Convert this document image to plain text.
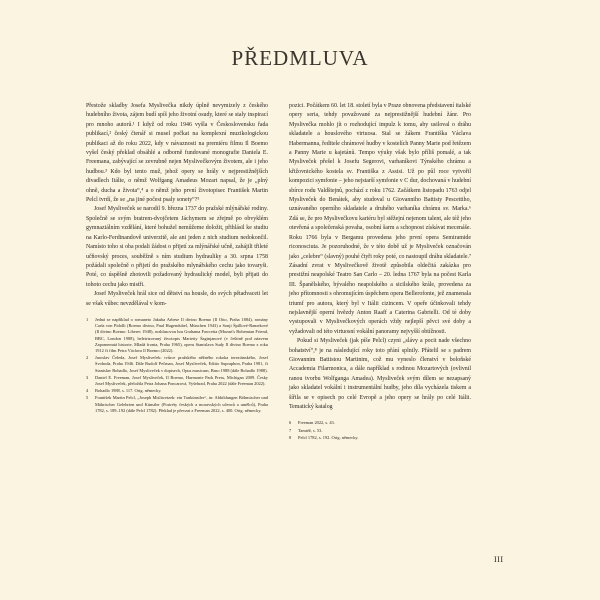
PŘEDMLUVA

Přestože skladby Josefa Myslivečka nikdy úplně nevymizely z českého hudebního života, zájem budí spíš jeho životní osudy, které se staly inspirací pro mnoho autorů.¹ I když od roku 1946 vyšla v Československu řada publikací,² český čtenář si musel počkat na komplexní muzikologickou publikaci až do roku 2022, kdy v návaznosti na premiéru filmu Il Boemo vyšel český překlad obsáhlé a odborně fundované monografie Daniela E. Freemana, zabývající se zevrubně nejen Myslivečkovým životem, ale i jeho hudbou.³ Kdo byl tento muž, jehož opery se hrály v nejprestižnějších divadlech Itálie, o němž Wolfgang Amadeus Mozart napsal, že je „plný ohně, ducha a života“,⁴ a o němž jeho první životopisec František Martin Pelcl tvrdí, že se „na jiné počest psaly sonety“?⁵

Josef Mysliveček se narodil 9. března 1737 do pražské mlýnářské rodiny. Společně se svým bratrem-dvojčetem Jáchymem se zřejmě po obvyklém gymnaziálním vzdělání, které bohužel nemůžeme doložit, přihlásil ke studiu na Karlo-Ferdinandově univerzitě, ale ani jeden z nich studium nedokončil. Namísto toho si oba podali žádost o přijetí za mlýnářské učně, zahájili třileté učňovský proces, souběžně s ním studium hydrauliky a 30. srpna 1758 požádali společně o přijetí do pražského mlynářského cechu jako tovaryši. Poté, co úspěšně zhotovili požadovaný hydraulický model, byli přijati do tohoto cechu jako mistři.

Josef Mysliveček hrál sice od dětství na housle, do svých pětadvaceti let se však vůbec nevzdělával v kom-

1	Jedná se například o romaneto Jakuba Arbese Il divino Boemo (Il Otto, Praha 1884), romány Carla von Pidolli (Boemo divino, Paul Hugendubel, München 1943) a Sonji Špillové-Ramekové (Il divino Boemo: Liberec 1948), rozhlasovou hru Grahama Fawcetta (Mozart's Bohemian Friend, BBC, London 1988), beletrizovaný životopis Marietty Šaginjanové (v češtině pod názvem Zapomenutá historie, Mladá fronta, Praha 1965), operu Stanislava Sudy Il divino Boemo z roku 1912 či film Petra Václava Il Boemo (2022).
2	Jaroslav Čeleda, Josef Mysliveček: tvůrce pražského něžného rokoka tereziánského, Josef Svoboda, Praha 1946. Dále Rudolf Pečman, Josef Mysliveček, Editio Supraphon, Praha 1981, či Stanislav Bohadlo, Josef Mysliveček v dopisech, Opus musicum, Brno 1988 (dále Bohadlo 1988).
3	Daniel E. Freeman, Josef Mysliveček, Il Boemo, Harmonie Park Press, Michigan 2009. Česky Josef Mysliveček, přeložila Petra Johana Poncarová, Vyšehrad, Praha 2022 (dále Freeman 2022).
4	Bohadlo 1988, s. 117. Orig. německy.
5	František Martin Pelcl, „Joseph Misliwetzek: ein Tonkünstler“, in: Abbildungen Böhmischer und Mährischer Gelehrten und Künstler (Portréty českých a moravských učenců a umělců), Praha 1782, s. 189–192 (dále Pelcl 1782). Překlad je převzat z Freeman 2022, s. 400. Orig. německy.

pozici. Počátkem 60. let 18. století byla v Praze obnovena představení italské opery seria, tehdy považované za nejprestižnější hudební žánr. Pro Myslivečka mohlo jít o rozhodující impulz k tomu, aby usiloval o dráhu skladatele a houslového virtuosa. Stal se žákem Františka Václava Habermanna, ředitele chrámové hudby v kostelích Panny Marie pod řetězem a Panny Marie u kajetánů. Tempo výuky však bylo příliš pomalé, a tak Mysliveček přešel k Josefu Segerovi, varhaníkovi Týnského chrámu a křižovnického kostela sv. Františka z Assisi. Už po půl roce vytvořil kompozici symfonie – jeho nejstarší symfonie v C dur, dochovaná v hudební sbírce rodu Valdštejnů, pochází z roku 1762. Začátkem listopadu 1763 odjel Mysliveček do Benátek, aby studoval u Giovanniho Battisty Pescettiho, uznávaného operního skladatele a druhého varhaníka chrámu sv. Marka.⁶ Zdá se, že pro Myslivečkovu kariéru byl stěžejní nejenom talent, ale též jeho otevřená a společenská povaha, osobní šarm a schopnost získávat mecenáše. Roku 1766 byla v Bergamu provedena jeho první opera Semiramide riconosciuta. Je pozoruhodné, že v této době už je Mysliveček označován jako „celebre“ (slavný) pouhé čtyři roky poté, co nastoupil dráhu skladatele.⁷ Zásadní zvrat v Myslivečkově životě způsobila oldečitá zakázka pro prestižní neapolské Teatro San Carlo – 20. ledna 1767 byla na počest Karla III. Španělského, bývalého neapolského a sicilského krále, provedena za jeho přítomnosti s ohromujícím úspěchem opera Bellerofonte, jež znamenala triumf pro autora, který byl v Itálii cizincem. V opeře účinkovali tehdy nejslavnější operní hvězdy Anton Raaff a Caterina Gabrielli. Od té doby vystupovali v Myslivečkových operách vždy nejlepší pěvci své doby a vyžadovali od této virtuosní vokální panoramy nejvyšší obtížnosti.

Pokud si Mysliveček (jak píše Pelcl) czyni „slávy a pocit nade všechno bohatství“,⁸ je na následující roky toto přání splnily. Přátelil se s padrem Giovannim Battistou Martinim, což mu vyneslo členství v boloňské Accademia Filarmonica, a dále například s rodinou Mozartových (ovlivnil ranou tvorbu Wolfganga Amadea). Mysliveček svým dílem se nezapsaný jako skladatel vokální i instrumentální hudby, jeho díla vycházela tiskem a šířila se v opisech po celé Evropě a jeho opery se hrály po celé Itálii. Tematický katalog

6	Freeman 2022, s. 43.
7	Tamtéž, s. 53.
8	Pelcl 1782, s. 192. Orig. německy.
III
